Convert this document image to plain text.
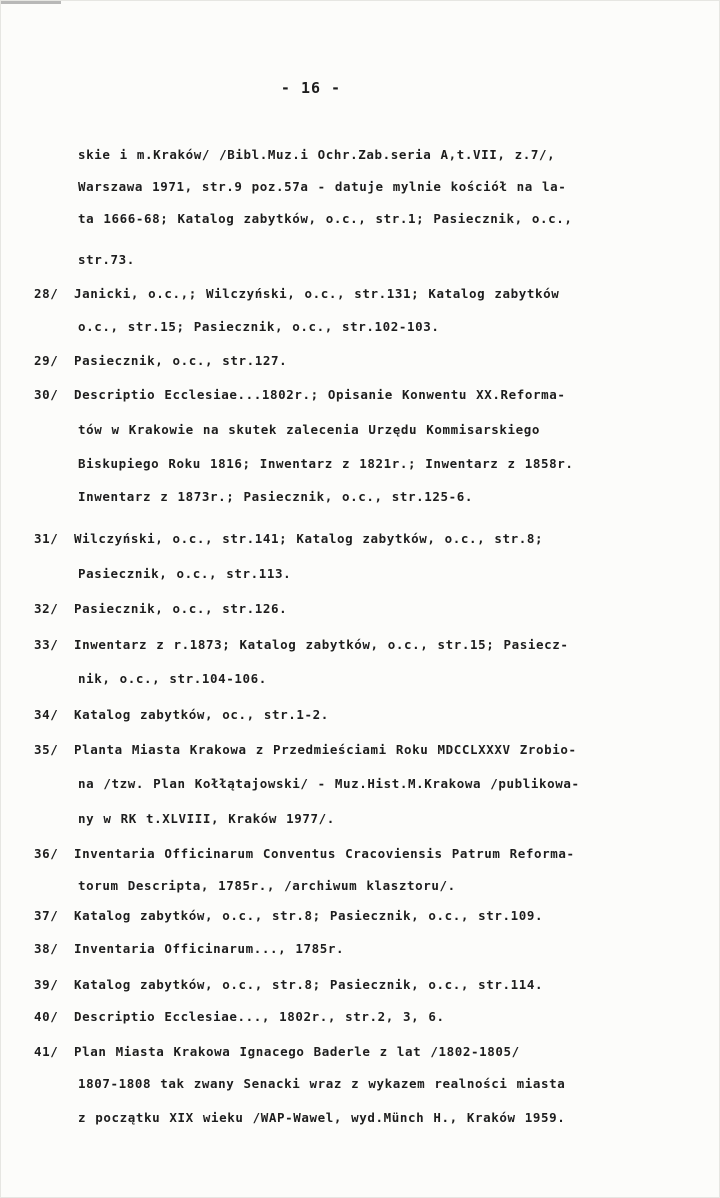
- 16 -
skie i m.Kraków/ /Bibl.Muz.i Ochr.Zab.seria A,t.VII, z.7/,
Warszawa 1971, str.9 poz.57a - datuje mylnie kościół na la-
ta 1666-68; Katalog zabytków, o.c., str.1; Pasiecznik, o.c.,
str.73.
28/ Janicki, o.c.,; Wilczyński, o.c., str.131; Katalog zabytków
o.c., str.15; Pasiecznik, o.c., str.102-103.
29/ Pasiecznik, o.c., str.127.
30/ Descriptio Ecclesiae...1802r.; Opisanie Konwentu XX.Reforma-
tów w Krakowie na skutek zalecenia Urzędu Kommisarskiego
Biskupiego Roku 1816; Inwentarz z 1821r.; Inwentarz z 1858r.
Inwentarz z 1873r.; Pasiecznik, o.c., str.125-6.
31/ Wilczyński, o.c., str.141; Katalog zabytków, o.c., str.8;
Pasiecznik, o.c., str.113.
32/ Pasiecznik, o.c., str.126.
33/ Inwentarz z r.1873; Katalog zabytków, o.c., str.15; Pasiecz-
nik, o.c., str.104-106.
34/ Katalog zabytków, oc., str.1-2.
35/ Planta Miasta Krakowa z Przedmieściami Roku MDCCLXXXV Zrobio-
na /tzw. Plan Kołłątajowski/ - Muz.Hist.M.Krakowa /publikowa-
ny w RK t.XLVIII, Kraków 1977/.
36/ Inventaria Officinarum Conventus Cracoviensis Patrum Reforma-
torum Descripta, 1785r., /archiwum klasztoru/.
37/ Katalog zabytków, o.c., str.8; Pasiecznik, o.c., str.109.
38/ Inventaria Officinarum..., 1785r.
39/ Katalog zabytków, o.c., str.8; Pasiecznik, o.c., str.114.
40/ Descriptio Ecclesiae..., 1802r., str.2, 3, 6.
41/ Plan Miasta Krakowa Ignacego Baderle z lat /1802-1805/
1807-1808 tak zwany Senacki wraz z wykazem realności miasta
z początku XIX wieku /WAP-Wawel, wyd.Münch H., Kraków 1959.
